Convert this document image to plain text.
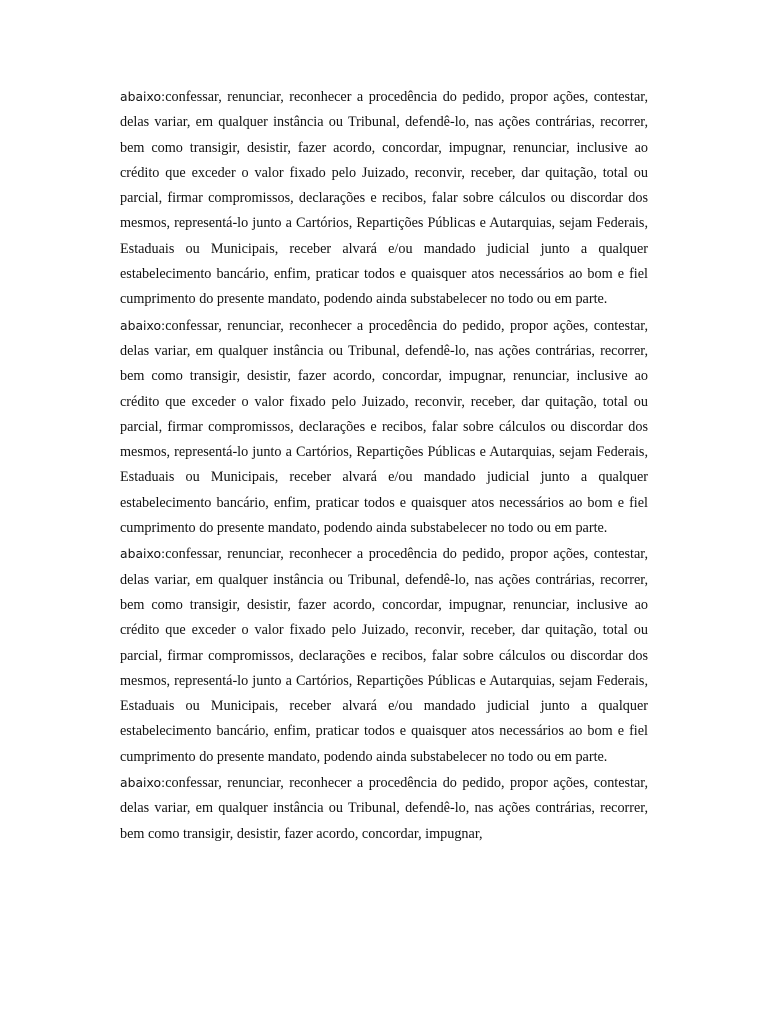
abaixo:confessar, renunciar, reconhecer a procedência do pedido, propor ações, contestar, delas variar, em qualquer instância ou Tribunal, defendê-lo, nas ações contrárias, recorrer, bem como transigir, desistir, fazer acordo, concordar, impugnar, renunciar, inclusive ao crédito que exceder o valor fixado pelo Juizado, reconvir, receber, dar quitação, total ou parcial, firmar compromissos, declarações e recibos, falar sobre cálculos ou discordar dos mesmos, representá-lo junto a Cartórios, Repartições Públicas e Autarquias, sejam Federais, Estaduais ou Municipais, receber alvará e/ou mandado judicial junto a qualquer estabelecimento bancário, enfim, praticar todos e quaisquer atos necessários ao bom e fiel cumprimento do presente mandato, podendo ainda substabelecer no todo ou em parte.

abaixo:confessar, renunciar, reconhecer a procedência do pedido, propor ações, contestar, delas variar, em qualquer instância ou Tribunal, defendê-lo, nas ações contrárias, recorrer, bem como transigir, desistir, fazer acordo, concordar, impugnar, renunciar, inclusive ao crédito que exceder o valor fixado pelo Juizado, reconvir, receber, dar quitação, total ou parcial, firmar compromissos, declarações e recibos, falar sobre cálculos ou discordar dos mesmos, representá-lo junto a Cartórios, Repartições Públicas e Autarquias, sejam Federais, Estaduais ou Municipais, receber alvará e/ou mandado judicial junto a qualquer estabelecimento bancário, enfim, praticar todos e quaisquer atos necessários ao bom e fiel cumprimento do presente mandato, podendo ainda substabelecer no todo ou em parte.

abaixo:confessar, renunciar, reconhecer a procedência do pedido, propor ações, contestar, delas variar, em qualquer instância ou Tribunal, defendê-lo, nas ações contrárias, recorrer, bem como transigir, desistir, fazer acordo, concordar, impugnar, renunciar, inclusive ao crédito que exceder o valor fixado pelo Juizado, reconvir, receber, dar quitação, total ou parcial, firmar compromissos, declarações e recibos, falar sobre cálculos ou discordar dos mesmos, representá-lo junto a Cartórios, Repartições Públicas e Autarquias, sejam Federais, Estaduais ou Municipais, receber alvará e/ou mandado judicial junto a qualquer estabelecimento bancário, enfim, praticar todos e quaisquer atos necessários ao bom e fiel cumprimento do presente mandato, podendo ainda substabelecer no todo ou em parte.

abaixo:confessar, renunciar, reconhecer a procedência do pedido, propor ações, contestar, delas variar, em qualquer instância ou Tribunal, defendê-lo, nas ações contrárias, recorrer, bem como transigir, desistir, fazer acordo, concordar, impugnar,
